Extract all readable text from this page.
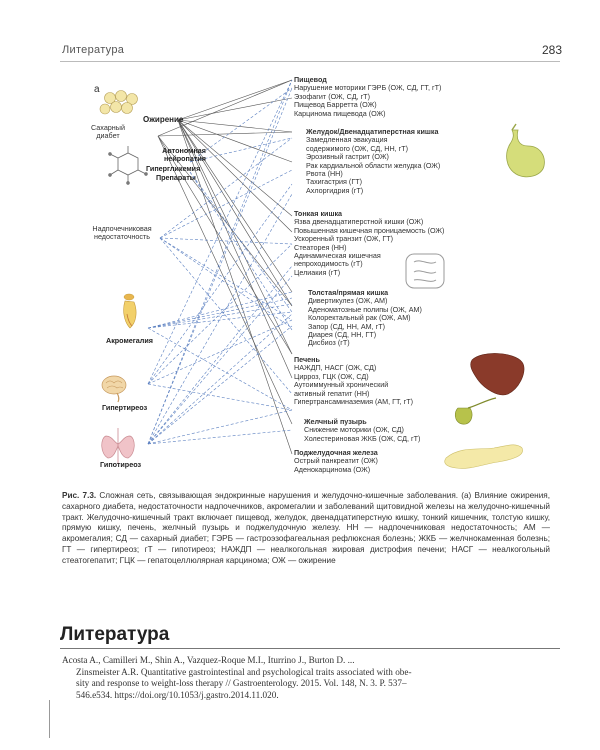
Литература	283
a
Ожирение
Сахарный
диабет
Автономная
нейропатия
Гипергликемия
Препараты
Надпочечниковая
недостаточность
Акромегалия
Гипертиреоз
Гипотиреоз
Пищевод
Нарушение моторики ГЭРБ (ОЖ, СД, ГТ, гТ)
Эзофагит (ОЖ, СД, гТ)
Пищевод Барретта (ОЖ)
Карцинома пищевода (ОЖ)
Желудок/Двенадцатиперстная кишка
Замедленная эвакуация
содержимого (ОЖ, СД, НН, гТ)
Эрозивный гастрит (ОЖ)
Рак кардиальной области желудка (ОЖ)
Рвота (НН)
Тахигастрия (ГТ)
Ахлоргидрия (гТ)
Тонкая кишка
Язва двенадцатиперстной кишки (ОЖ)
Повышенная кишечная проницаемость (ОЖ)
Ускоренный транзит (ОЖ, ГТ)
Стеаторея (НН)
Адинамическая кишечная
непроходимость (гТ)
Целиакия (гТ)
Толстая/прямая кишка
Дивертикулез (ОЖ, АМ)
Аденоматозные полипы (ОЖ, АМ)
Колоректальный рак (ОЖ, АМ)
Запор (СД, НН, АМ, гТ)
Диарея (СД, НН, ГТ)
Дисбиоз (гТ)
Печень
НАЖДП, НАСГ (ОЖ, СД)
Цирроз, ГЦК (ОЖ, СД)
Аутоиммунный хронический
активный гепатит (НН)
Гипертрансаминаземия (АМ, ГТ, гТ)
Желчный пузырь
Снижение моторики (ОЖ, СД)
Холестериновая ЖКБ (ОЖ, СД, гТ)
Поджелудочная железа
Острый панкреатит (ОЖ)
Аденокарцинома (ОЖ)
Рис. 7.3. Сложная сеть, связывающая эндокринные нарушения и желудочно-кишечные заболевания. (а) Влияние ожирения, сахарного диабета, недостаточности надпочечников, акромегалии и заболеваний щитовидной железы на желудочно-кишечный тракт. Желудочно-кишечный тракт включает пищевод, желудок, двенадцатиперстную кишку, тонкий кишечник, толстую кишку, прямую кишку, печень, желчный пузырь и поджелудочную железу. НН — надпочечниковая недостаточность; АМ — акромегалия; СД — сахарный диабет; ГЭРБ — гастроэзофагеальная рефлюксная болезнь; ЖКБ — желчнокаменная болезнь; ГТ — гипертиреоз; гТ — гипотиреоз; НАЖДП — неалкогольная жировая дистрофия печени; НАСГ — неалкогольный стеатогепатит; ГЦК — гепатоцеллюлярная карцинома; ОЖ — ожирение
Литература
Acosta A., Camilleri M., Shin A., Vazquez-Roque M.I., Iturrino J., Burton D. ...
Zinsmeister A.R. Quantitative gastrointestinal and psychological traits associated with obe-
sity and response to weight-loss therapy // Gastroenterology. 2015. Vol. 148, N. 3. P. 537–
546.e534. https://doi.org/10.1053/j.gastro.2014.11.020.
